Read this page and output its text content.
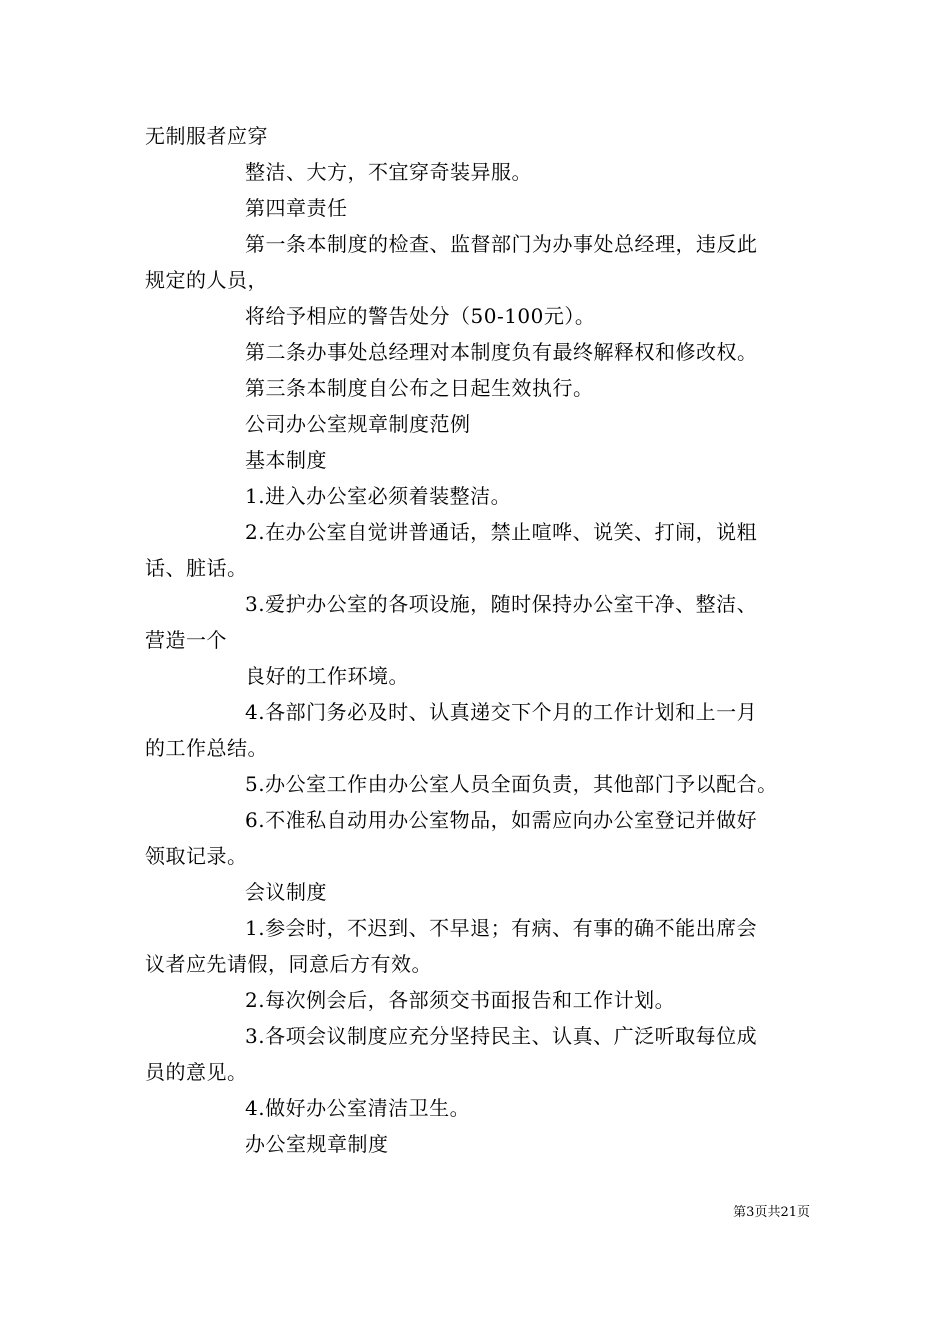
无制服者应穿
整洁、大方，不宜穿奇装异服。
第四章责任
第一条本制度的检查、监督部门为办事处总经理，违反此
规定的人员，
将给予相应的警告处分（50-100元）。
第二条办事处总经理对本制度负有最终解释权和修改权。
第三条本制度自公布之日起生效执行。
公司办公室规章制度范例
基本制度
1.进入办公室必须着装整洁。
2.在办公室自觉讲普通话，禁止喧哗、说笑、打闹，说粗
话、脏话。
3.爱护办公室的各项设施，随时保持办公室干净、整洁、
营造一个
良好的工作环境。
4.各部门务必及时、认真递交下个月的工作计划和上一月
的工作总结。
5.办公室工作由办公室人员全面负责，其他部门予以配合。
6.不准私自动用办公室物品，如需应向办公室登记并做好
领取记录。
会议制度
1.参会时，不迟到、不早退；有病、有事的确不能出席会
议者应先请假，同意后方有效。
2.每次例会后，各部须交书面报告和工作计划。
3.各项会议制度应充分坚持民主、认真、广泛听取每位成
员的意见。
4.做好办公室清洁卫生。
办公室规章制度
第3页共21页
